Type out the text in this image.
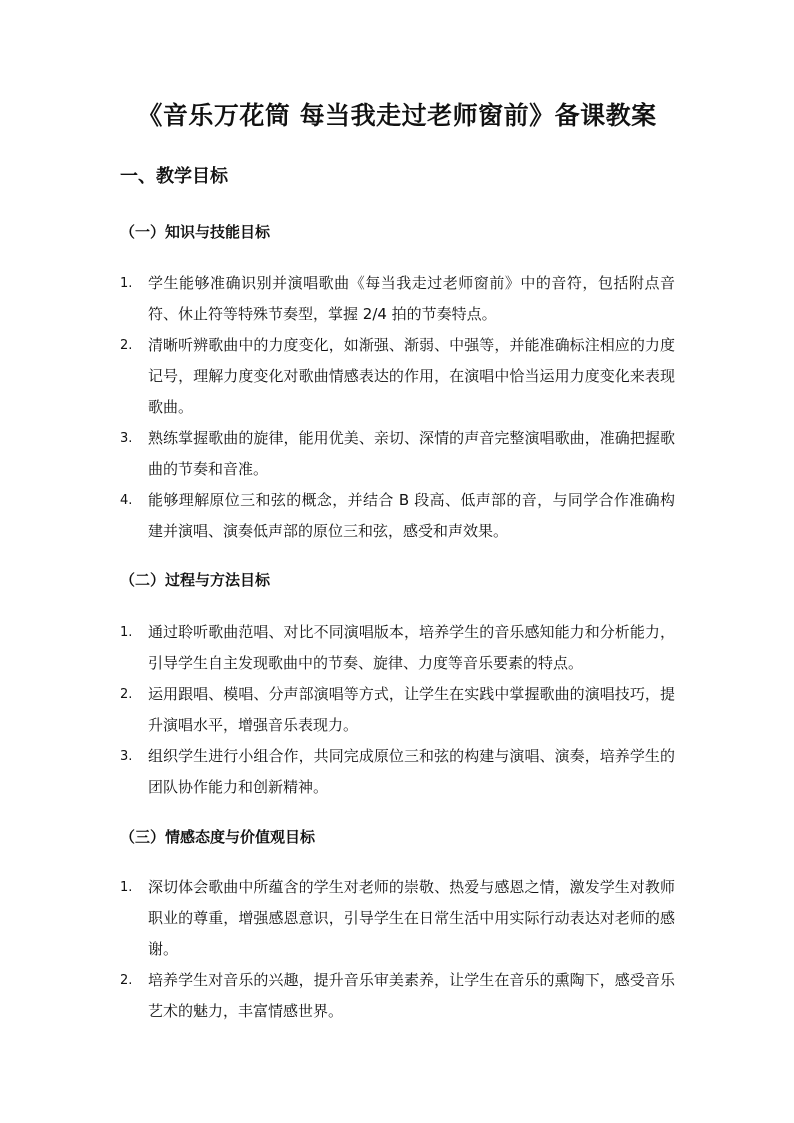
《音乐万花筒 每当我走过老师窗前》备课教案
一、教学目标
（一）知识与技能目标
1. 学生能够准确识别并演唱歌曲《每当我走过老师窗前》中的音符，包括附点音符、休止符等特殊节奏型，掌握 2/4 拍的节奏特点。
2. 清晰听辨歌曲中的力度变化，如渐强、渐弱、中强等，并能准确标注相应的力度记号，理解力度变化对歌曲情感表达的作用，在演唱中恰当运用力度变化来表现歌曲。
3. 熟练掌握歌曲的旋律，能用优美、亲切、深情的声音完整演唱歌曲，准确把握歌曲的节奏和音准。
4. 能够理解原位三和弦的概念，并结合 B 段高、低声部的音，与同学合作准确构建并演唱、演奏低声部的原位三和弦，感受和声效果。
（二）过程与方法目标
1. 通过聆听歌曲范唱、对比不同演唱版本，培养学生的音乐感知能力和分析能力，引导学生自主发现歌曲中的节奏、旋律、力度等音乐要素的特点。
2. 运用跟唱、模唱、分声部演唱等方式，让学生在实践中掌握歌曲的演唱技巧，提升演唱水平，增强音乐表现力。
3. 组织学生进行小组合作，共同完成原位三和弦的构建与演唱、演奏，培养学生的团队协作能力和创新精神。
（三）情感态度与价值观目标
1. 深切体会歌曲中所蕴含的学生对老师的崇敬、热爱与感恩之情，激发学生对教师职业的尊重，增强感恩意识，引导学生在日常生活中用实际行动表达对老师的感谢。
2. 培养学生对音乐的兴趣，提升音乐审美素养，让学生在音乐的熏陶下，感受音乐艺术的魅力，丰富情感世界。
